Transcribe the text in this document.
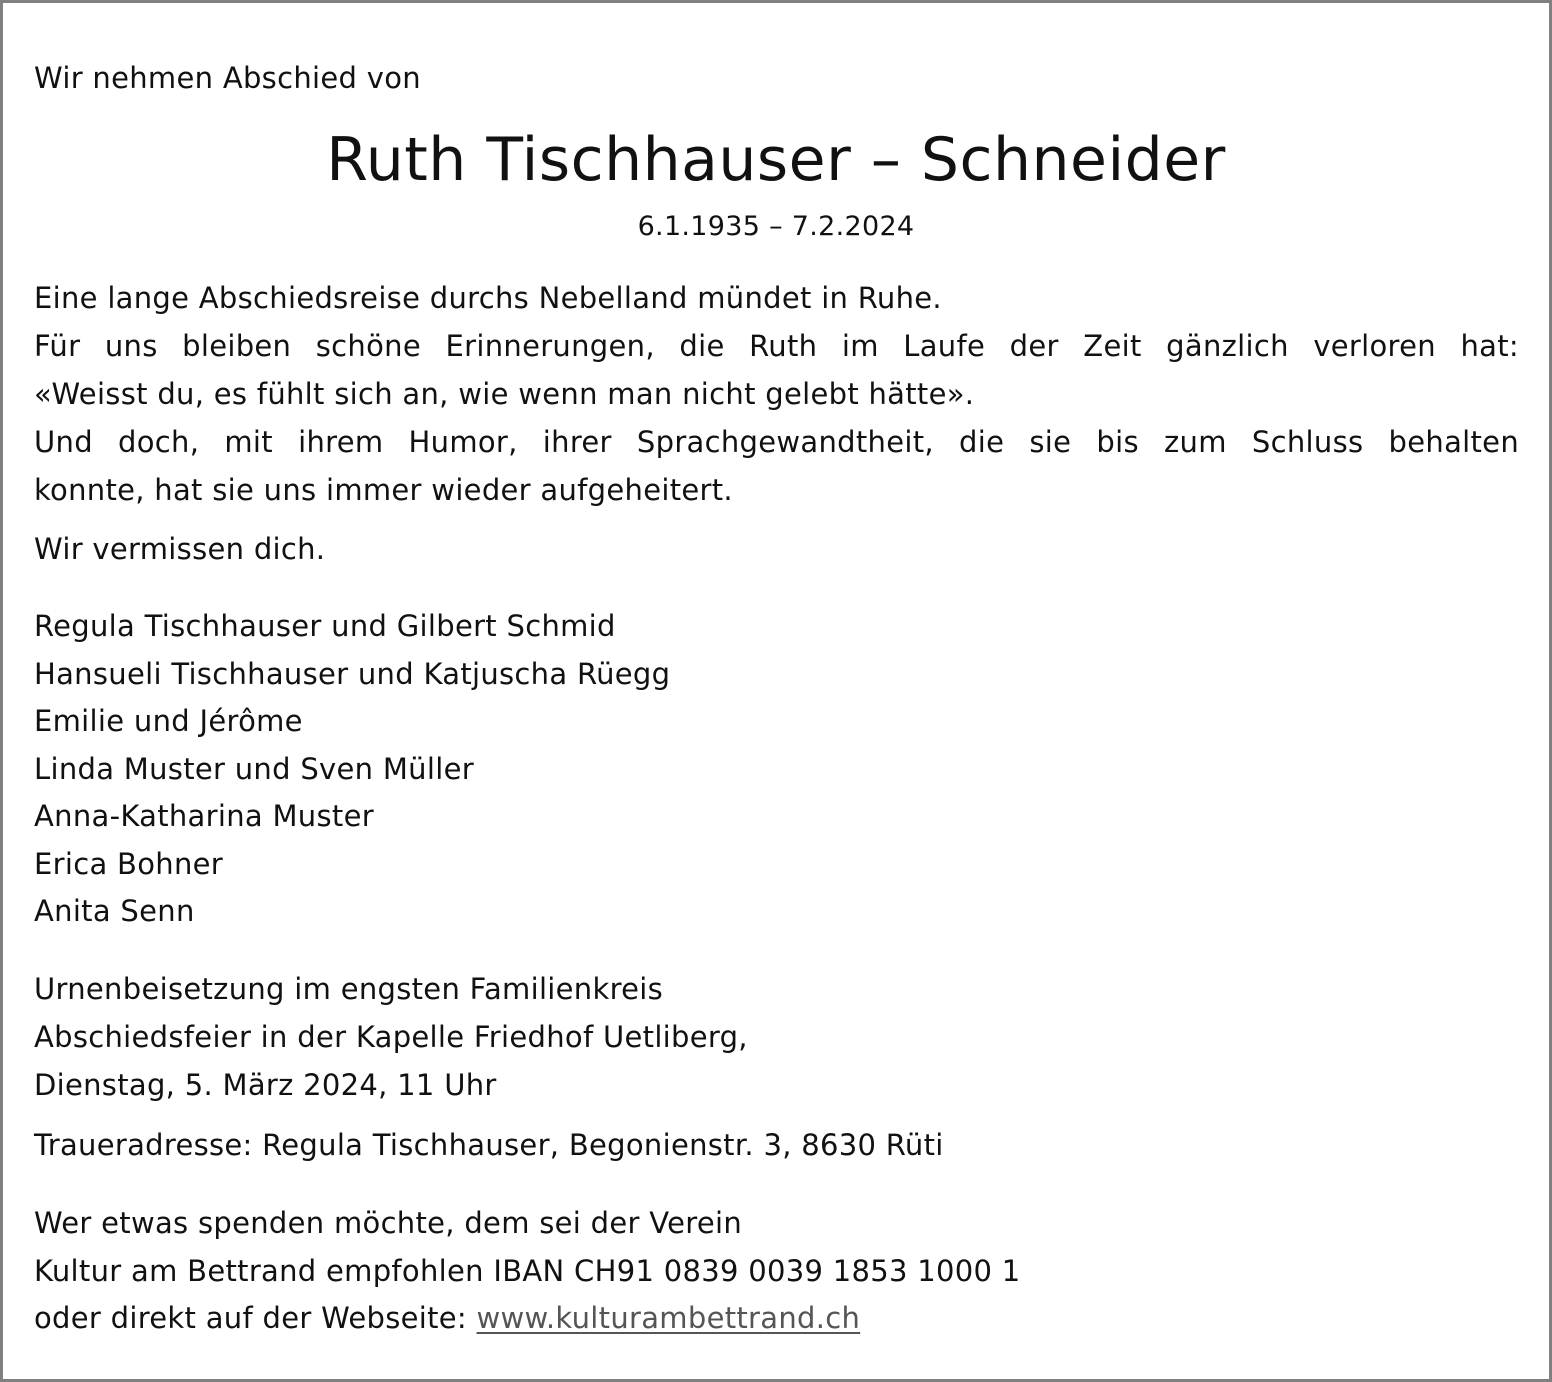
Wir nehmen Abschied von
Ruth Tischhauser – Schneider
6.1.1935 – 7.2.2024
Eine lange Abschiedsreise durchs Nebelland mündet in Ruhe.
Für uns bleiben schöne Erinnerungen, die Ruth im Laufe der Zeit gänzlich verloren hat:
«Weisst du, es fühlt sich an, wie wenn man nicht gelebt hätte».
Und doch, mit ihrem Humor, ihrer Sprachgewandtheit, die sie bis zum Schluss behalten
konnte, hat sie uns immer wieder aufgeheitert.
Wir vermissen dich.
Regula Tischhauser und Gilbert Schmid
Hansueli Tischhauser und Katjuscha Rüegg
Emilie und Jérôme
Linda Muster und Sven Müller
Anna-Katharina Muster
Erica Bohner
Anita Senn
Urnenbeisetzung im engsten Familienkreis
Abschiedsfeier in der Kapelle Friedhof Uetliberg,
Dienstag, 5. März 2024, 11 Uhr
Traueradresse: Regula Tischhauser, Begonienstr. 3, 8630 Rüti
Wer etwas spenden möchte, dem sei der Verein
Kultur am Bettrand empfohlen IBAN CH91 0839 0039 1853 1000 1
oder direkt auf der Webseite: www.kulturambettrand.ch
